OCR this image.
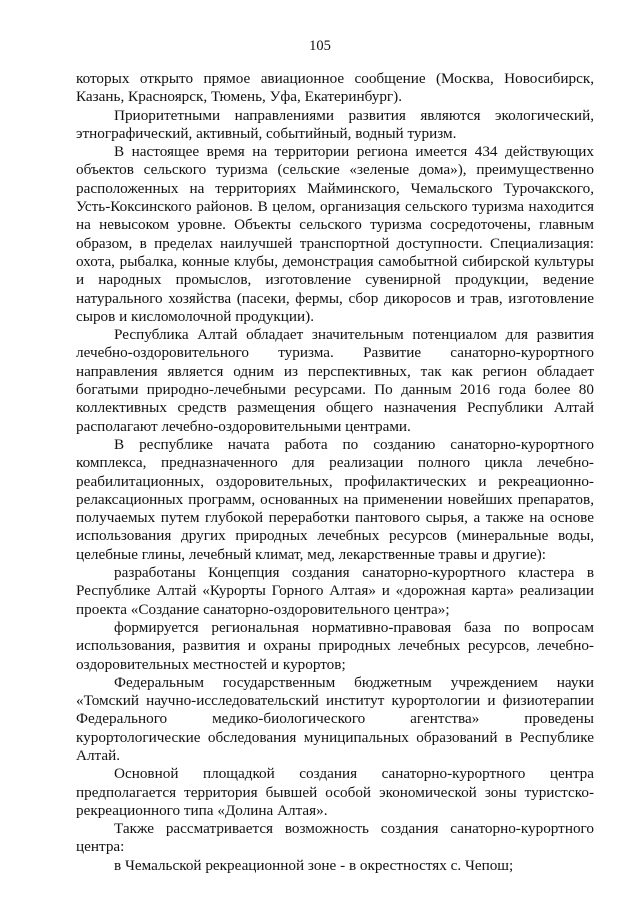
105

которых открыто прямое авиационное сообщение (Москва, Новосибирск, Казань, Красноярск, Тюмень, Уфа, Екатеринбург).

Приоритетными направлениями развития являются экологический, этнографический, активный, событийный, водный туризм.

В настоящее время на территории региона имеется 434 действующих объектов сельского туризма (сельские «зеленые дома»), преимущественно расположенных на территориях Майминского, Чемальского Турочакского, Усть-Коксинского районов. В целом, организация сельского туризма находится на невысоком уровне. Объекты сельского туризма сосредоточены, главным образом, в пределах наилучшей транспортной доступности. Специализация: охота, рыбалка, конные клубы, демонстрация самобытной сибирской культуры и народных промыслов, изготовление сувенирной продукции, ведение натурального хозяйства (пасеки, фермы, сбор дикоросов и трав, изготовление сыров и кисломолочной продукции).

Республика Алтай обладает значительным потенциалом для развития лечебно-оздоровительного туризма. Развитие санаторно-курортного направления является одним из перспективных, так как регион обладает богатыми природно-лечебными ресурсами. По данным 2016 года более 80 коллективных средств размещения общего назначения Республики Алтай располагают лечебно-оздоровительными центрами.

В республике начата работа по созданию санаторно-курортного комплекса, предназначенного для реализации полного цикла лечебно-реабилитационных, оздоровительных, профилактических и рекреационно-релаксационных программ, основанных на применении новейших препаратов, получаемых путем глубокой переработки пантового сырья, а также на основе использования других природных лечебных ресурсов (минеральные воды, целебные глины, лечебный климат, мед, лекарственные травы и другие):

разработаны Концепция создания санаторно-курортного кластера в Республике Алтай «Курорты Горного Алтая» и «дорожная карта» реализации проекта «Создание санаторно-оздоровительного центра»;

формируется региональная нормативно-правовая база по вопросам использования, развития и охраны природных лечебных ресурсов, лечебно-оздоровительных местностей и курортов;

Федеральным государственным бюджетным учреждением науки «Томский научно-исследовательский институт курортологии и физиотерапии Федерального медико-биологического агентства» проведены курортологические обследования муниципальных образований в Республике Алтай.

Основной площадкой создания санаторно-курортного центра предполагается территория бывшей особой экономической зоны туристско-рекреационного типа «Долина Алтая».

Также рассматривается возможность создания санаторно-курортного центра:

в Чемальской рекреационной зоне - в окрестностях с. Чепош;
